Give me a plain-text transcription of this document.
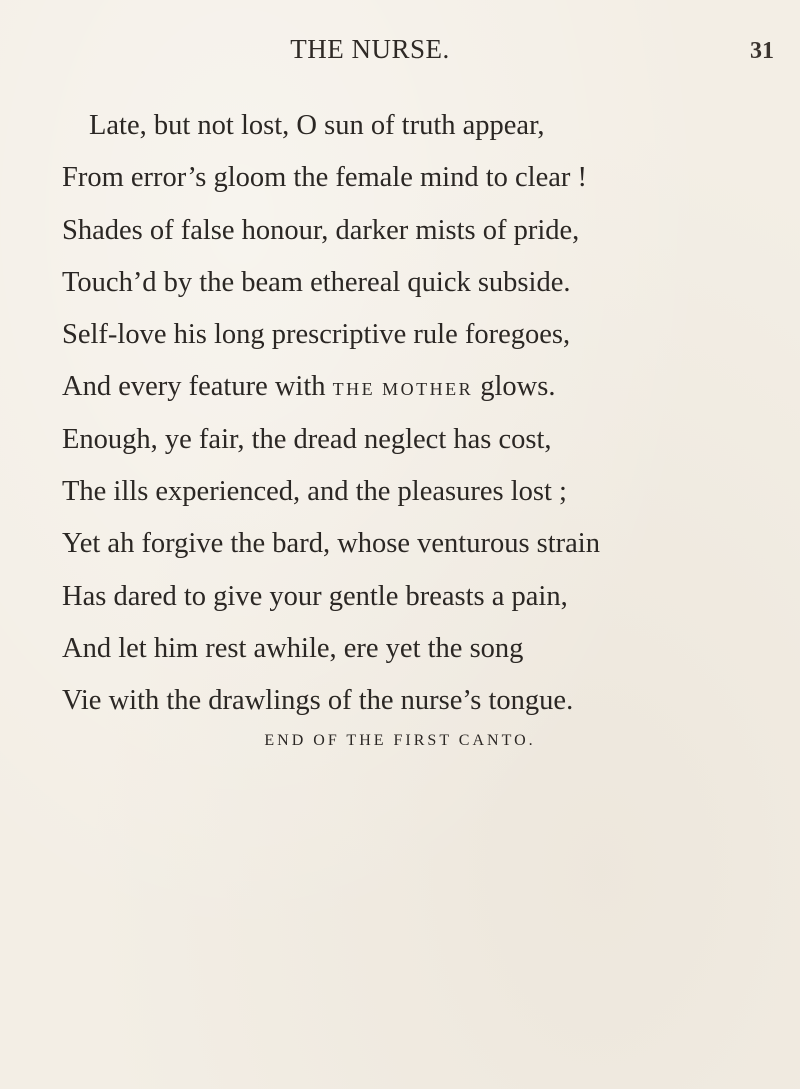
THE NURSE.	31
Late, but not lost, O sun of truth appear,
From error’s gloom the female mind to clear !
Shades of false honour, darker mists of pride,
Touch’d by the beam ethereal quick subside.
Self-love his long prescriptive rule foregoes,
And every feature with THE MOTHER glows.
Enough, ye fair, the dread neglect has cost,
The ills experienced, and the pleasures lost ;
Yet ah forgive the bard, whose venturous strain
Has dared to give your gentle breasts a pain,
And let him rest awhile, ere yet the song
Vie with the drawlings of the nurse’s tongue.
END OF THE FIRST CANTO.
